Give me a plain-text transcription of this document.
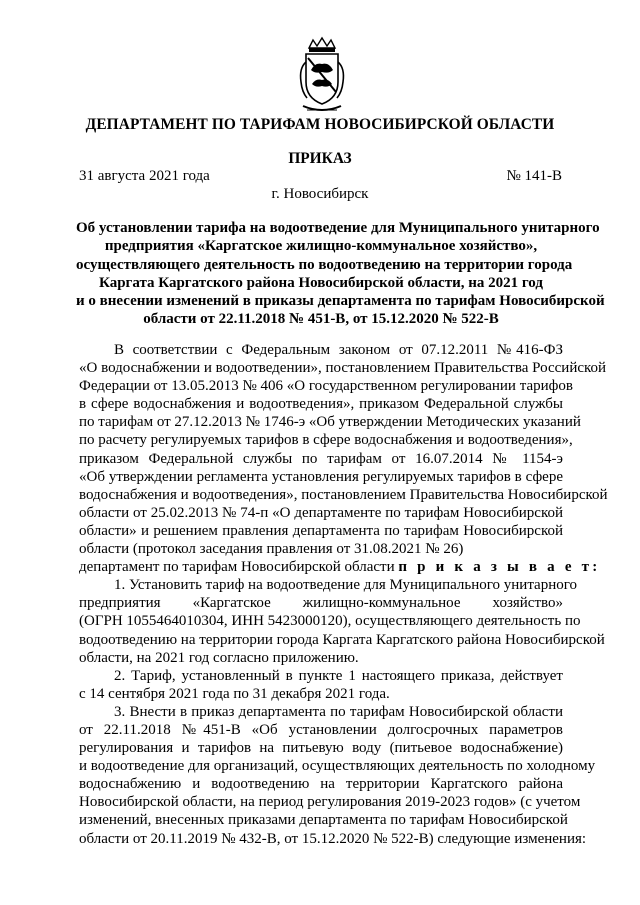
ДЕПАРТАМЕНТ ПО ТАРИФАМ НОВОСИБИРСКОЙ ОБЛАСТИ
ПРИКАЗ
31 августа 2021 года	№ 141-В
г. Новосибирск
Об установлении тарифа на водоотведение для Муниципального унитарного
предприятия «Каргатское жилищно-коммунальное хозяйство»,
осуществляющего деятельность по водоотведению на территории города
Каргата Каргатского района Новосибирской области, на 2021 год
и о внесении изменений в приказы департамента по тарифам Новосибирской
области от 22.11.2018 № 451-В, от 15.12.2020 № 522-В
В соответствии с Федеральным законом от 07.12.2011 №416-ФЗ
«О водоснабжении и водоотведении», постановлением Правительства Российской
Федерации от 13.05.2013 № 406 «О государственном регулировании тарифов
в сфере водоснабжения и водоотведения», приказом Федеральной службы
по тарифам от 27.12.2013 № 1746-э «Об утверждении Методических указаний
по расчету регулируемых тарифов в сфере водоснабжения и водоотведения»,
приказом Федеральной службы по тарифам от 16.07.2014 № 1154-э
«Об утверждении регламента установления регулируемых тарифов в сфере
водоснабжения и водоотведения», постановлением Правительства Новосибирской
области от 25.02.2013 № 74-п «О департаменте по тарифам Новосибирской
области» и решением правления департамента по тарифам Новосибирской
области (протокол заседания правления от 31.08.2021 № 26)
департамент по тарифам Новосибирской области п р и к а з ы в а е т:
1. Установить тариф на водоотведение для Муниципального унитарного
предприятия «Каргатское жилищно-коммунальное хозяйство»
(ОГРН 1055464010304, ИНН 5423000120), осуществляющего деятельность по
водоотведению на территории города Каргата Каргатского района Новосибирской
области, на 2021 год согласно приложению.
2. Тариф, установленный в пункте 1 настоящего приказа, действует
с 14 сентября 2021 года по 31 декабря 2021 года.
3. Внести в приказ департамента по тарифам Новосибирской области
от 22.11.2018 №451-В «Об установлении долгосрочных параметров
регулирования и тарифов на питьевую воду (питьевое водоснабжение)
и водоотведение для организаций, осуществляющих деятельность по холодному
водоснабжению и водоотведению на территории Каргатского района
Новосибирской области, на период регулирования 2019-2023 годов» (с учетом
изменений, внесенных приказами департамента по тарифам Новосибирской
области от 20.11.2019 № 432-В, от 15.12.2020 № 522-В) следующие изменения:
